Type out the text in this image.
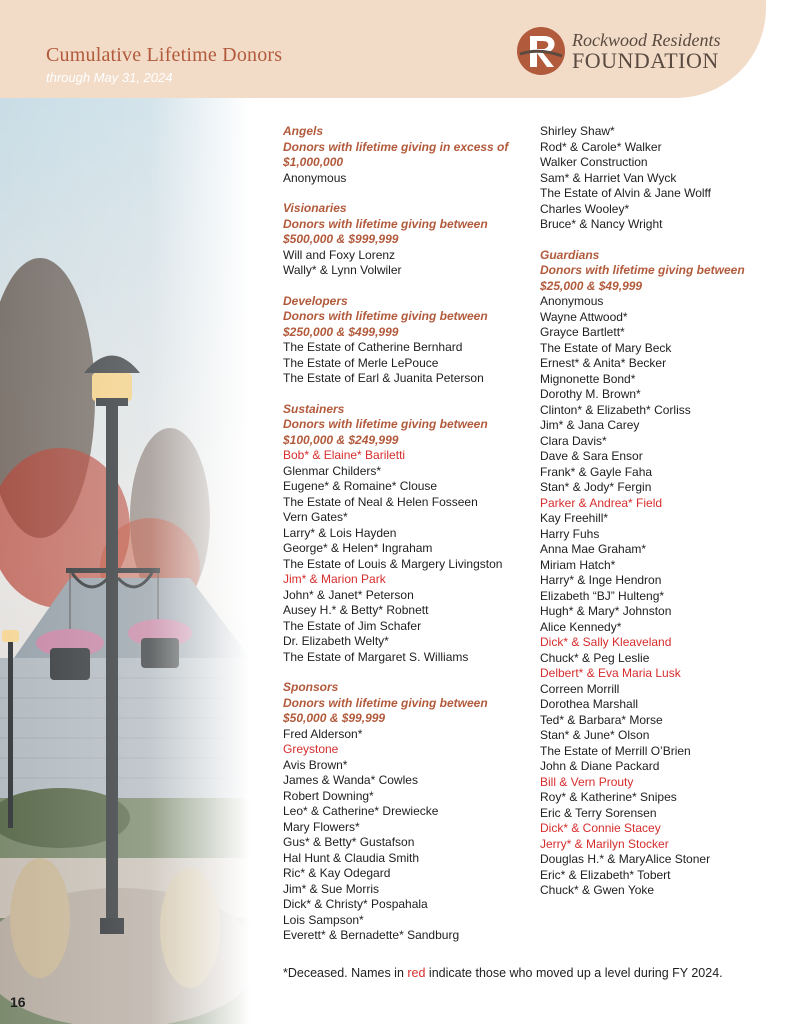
Cumulative Lifetime Donors
through May 31, 2024
Rockwood Residents
FOUNDATION
16
Angels
Donors with lifetime giving in excess of $1,000,000
Anonymous
Visionaries
Donors with lifetime giving between $500,000 & $999,999
Will and Foxy Lorenz
Wally* & Lynn Volwiler
Developers
Donors with lifetime giving between $250,000 & $499,999
The Estate of Catherine Bernhard
The Estate of Merle LePouce
The Estate of Earl & Juanita Peterson
Sustainers
Donors with lifetime giving between $100,000 & $249,999
Bob* & Elaine* Bariletti
Glenmar Childers*
Eugene* & Romaine* Clouse
The Estate of Neal & Helen Fosseen
Vern Gates*
Larry* & Lois Hayden
George* & Helen* Ingraham
The Estate of Louis & Margery Livingston
Jim* & Marion Park
John* & Janet* Peterson
Ausey H.* & Betty* Robnett
The Estate of Jim Schafer
Dr. Elizabeth Welty*
The Estate of Margaret S. Williams
Sponsors
Donors with lifetime giving between $50,000 & $99,999
Fred Alderson*
Greystone
Avis Brown*
James & Wanda* Cowles
Robert Downing*
Leo* & Catherine* Drewiecke
Mary Flowers*
Gus* & Betty* Gustafson
Hal Hunt & Claudia Smith
Ric* & Kay Odegard
Jim* & Sue Morris
Dick* & Christy* Pospahala
Lois Sampson*
Everett* & Bernadette* Sandburg
Shirley Shaw*
Rod* & Carole* Walker
Walker Construction
Sam* & Harriet Van Wyck
The Estate of Alvin & Jane Wolff
Charles Wooley*
Bruce* & Nancy Wright
Guardians
Donors with lifetime giving between $25,000 & $49,999
Anonymous
Wayne Attwood*
Grayce Bartlett*
The Estate of Mary Beck
Ernest* & Anita* Becker
Mignonette Bond*
Dorothy M. Brown*
Clinton* & Elizabeth* Corliss
Jim* & Jana Carey
Clara Davis*
Dave & Sara Ensor
Frank* & Gayle Faha
Stan* & Jody* Fergin
Parker & Andrea* Field
Kay Freehill*
Harry Fuhs
Anna Mae Graham*
Miriam Hatch*
Harry* & Inge Hendron
Elizabeth “BJ” Hulteng*
Hugh* & Mary* Johnston
Alice Kennedy*
Dick* & Sally Kleaveland
Chuck* & Peg Leslie
Delbert* & Eva Maria Lusk
Correen Morrill
Dorothea Marshall
Ted* & Barbara* Morse
Stan* & June* Olson
The Estate of Merrill O’Brien
John & Diane Packard
Bill & Vern Prouty
Roy* & Katherine* Snipes
Eric & Terry Sorensen
Dick* & Connie Stacey
Jerry* & Marilyn Stocker
Douglas H.* & MaryAlice Stoner
Eric* & Elizabeth* Tobert
Chuck* & Gwen Yoke
*Deceased. Names in red indicate those who moved up a level during FY 2024.
